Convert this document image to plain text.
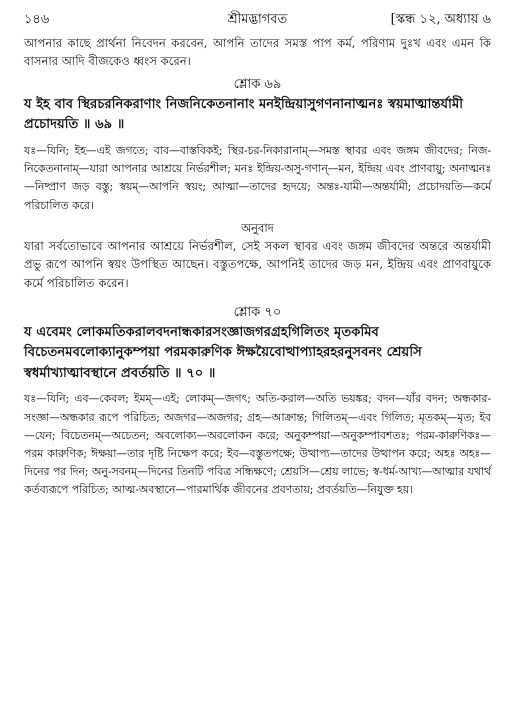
১৪৬	শ্রীমদ্ভাগবত	[স্কন্ধ ১২, অধ্যায় ৬

আপনার কাছে প্রার্থনা নিবেদন করবেন, আপনি তাদের সমস্ত পাপ কর্ম, পরিণাম দুঃখ এবং এমন কি বাসনার আদি বীজকেও ধ্বংস করেন।

শ্লোক ৬৯

য ইহ বাব স্থিরচরনিকরাণাং নিজনিকেতনানাং মনইন্দ্রিয়াসুগণনানাত্মনঃ স্বয়মাত্মান্তর্যামী প্রচোদয়তি ॥ ৬৯ ॥

যঃ—যিনি; ইহ—এই জগতে; বাব—বাস্তবিকই; স্থির-চর-নিকারানাম্—সমস্ত স্থাবর এবং জঙ্গম জীবদের; নিজ-নিকেতনানাম্—যারা আপনার আশ্রয়ে নির্ভরশীল; মনঃ ইন্দ্রিয়-অসু-গণান্—মন, ইন্দ্রিয় এবং প্রাণবায়ু; অনাত্মনঃ—নিষ্প্রাণ জড় বস্তু; স্বয়ম্—আপনি স্বয়ং; আত্মা—তাদের হৃদয়ে; অন্তঃ-যামী—অন্তর্যামী; প্রচোদয়তি—কর্মে পরিচালিত করে।

অনুবাদ

যারা সর্বতোভাবে আপনার আশ্রয়ে নির্ভরশীল, সেই সকল স্থাবর এবং জঙ্গম জীবদের অন্তরে অন্তর্যামী প্রভু রূপে আপনি স্বয়ং উপস্থিত আছেন। বস্তুতপক্ষে, আপনিই তাদের জড় মন, ইন্দ্রিয় এবং প্রাণবায়ুকে কর্মে পরিচালিত করেন।

শ্লোক ৭০

য এবেমং লোকমতিকরালবদনান্ধকারসংজ্ঞাজগরগ্রহগিলিতং মৃতকমিব বিচেতনমবলোক্যানুকম্পয়া পরমকারুণিক ঈক্ষয়ৈবোত্থাপ্যাহরহরনুসবনং শ্রেয়সি স্বধর্মাখ্যাত্মাবস্থানে প্রবর্তয়তি ॥ ৭০ ॥

যঃ—যিনি; এব—কেবল; ইমম্—এই; লোকম্—জগৎ; অতি-করাল—অতি ভয়ঙ্কর; বদন—যাঁর বদন; অন্ধকার-সংজ্ঞা—অন্ধকার রূপে পরিচিত; অজগর—অজগর; গ্রহ—আক্রান্ত; গিলিতম্—এবং গিলিত; মৃতকম্—মৃত; ইব—যেন; বিচেতনম্—অচেতন; অবলোক্য—অবলোকন করে; অনুকম্পয়া—অনুকম্পাবশতঃ; পরম-কারুণিকঃ—পরম কারুণিক; ঈক্ষয়া—তার দৃষ্টি নিক্ষেপ করে; ইব—বস্তুতপক্ষে; উত্থাপ্য—তাদের উত্থাপন করে; অহঃ অহঃ—দিনের পর দিন; অনু-সবনম্—দিনের তিনটি পবিত্র সন্ধিক্ষণে; শ্রেয়সি—শ্রেয় লাভে; স্ব-ধর্ম-আখ্য—আত্মার যথার্থ কর্তব্যরূপে পরিচিত; আত্ম-অবস্থানে—পারমার্থিক জীবনের প্রবণতায়; প্রবর্তয়তি—নিযুক্ত হয়।
